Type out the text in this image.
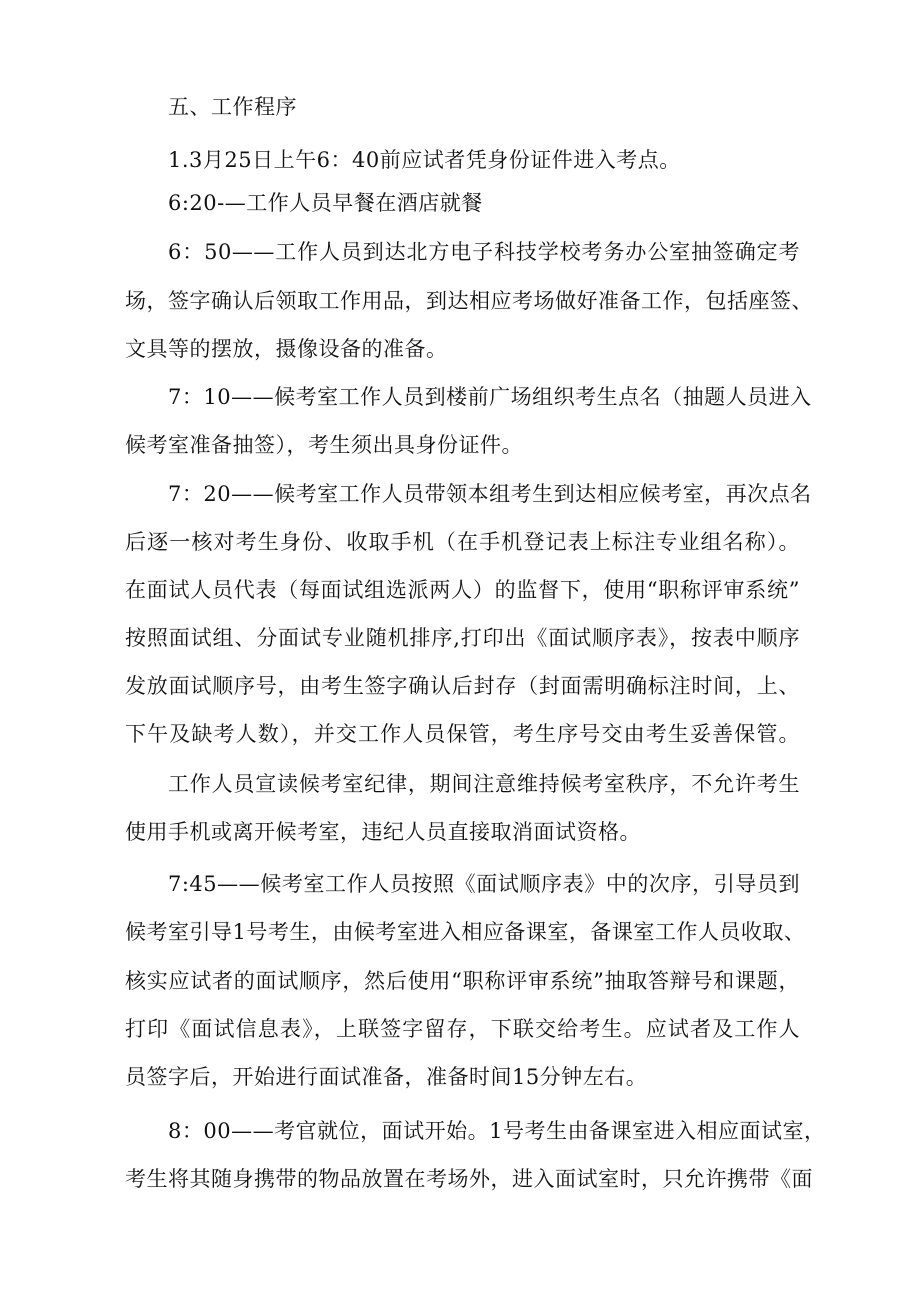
五、工作程序
1.3月25日上午6：40前应试者凭身份证件进入考点。
6:20-—工作人员早餐在酒店就餐
6：50——工作人员到达北方电子科技学校考务办公室抽签确定考
场，签字确认后领取工作用品，到达相应考场做好准备工作，包括座签、
文具等的摆放，摄像设备的准备。
7：10——候考室工作人员到楼前广场组织考生点名（抽题人员进入
候考室准备抽签），考生须出具身份证件。
7：20——候考室工作人员带领本组考生到达相应候考室，再次点名
后逐一核对考生身份、收取手机（在手机登记表上标注专业组名称）。
在面试人员代表（每面试组选派两人）的监督下，使用“职称评审系统”
按照面试组、分面试专业随机排序,打印出《面试顺序表》，按表中顺序
发放面试顺序号，由考生签字确认后封存（封面需明确标注时间，上、
下午及缺考人数），并交工作人员保管，考生序号交由考生妥善保管。
工作人员宣读候考室纪律，期间注意维持候考室秩序，不允许考生
使用手机或离开候考室，违纪人员直接取消面试资格。
7:45——候考室工作人员按照《面试顺序表》中的次序，引导员到
候考室引导1号考生，由候考室进入相应备课室，备课室工作人员收取、
核实应试者的面试顺序，然后使用“职称评审系统”抽取答辩号和课题，
打印《面试信息表》，上联签字留存，下联交给考生。应试者及工作人
员签字后，开始进行面试准备，准备时间15分钟左右。
8：00——考官就位，面试开始。1号考生由备课室进入相应面试室，
考生将其随身携带的物品放置在考场外，进入面试室时，只允许携带《面
